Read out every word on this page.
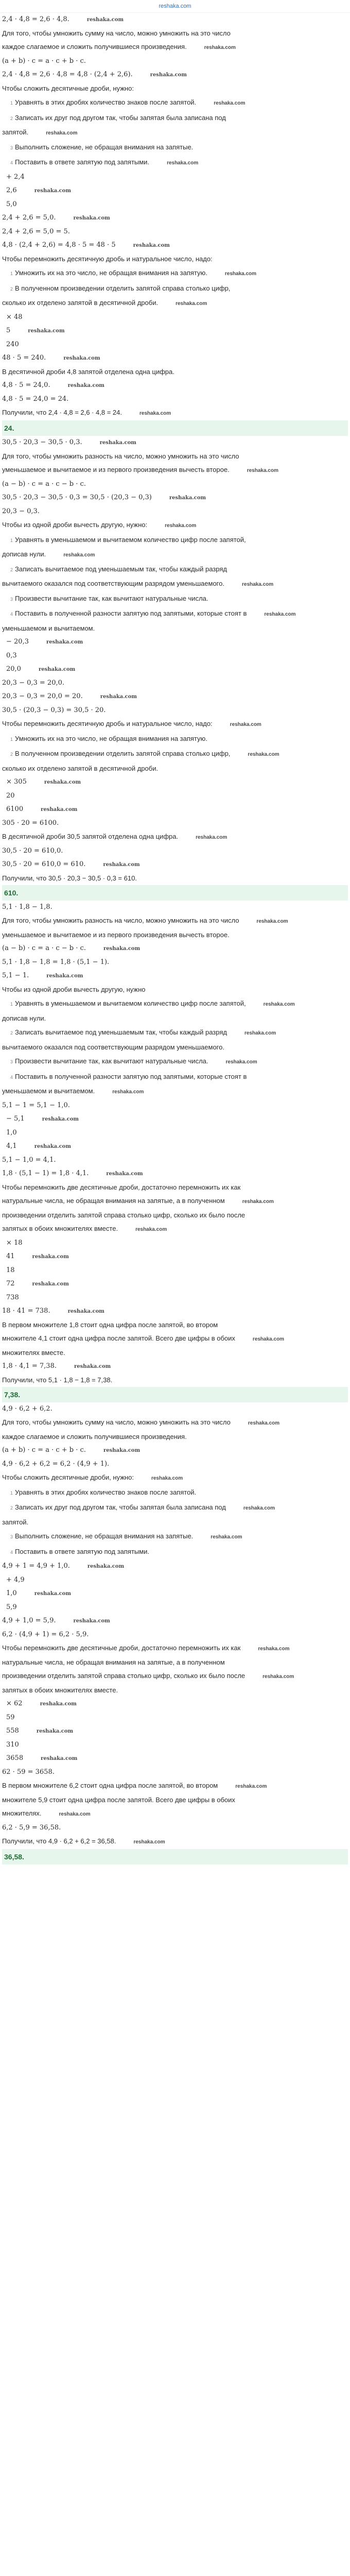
reshaka.com
2,4 · 4,8 = 2,6 · 4,8.	reshaka.com
Для того, чтобы умножить сумму на число, можно умножить на это число
каждое слагаемое и сложить получившиеся произведения.	reshaka.com
(a + b) · c = a · c + b · c.
2,4 · 4,8 = 2,6 · 4,8 = 4,8 · (2,4 + 2,6).	reshaka.com
Чтобы сложить десятичные дроби, нужно:
1 Уравнять в этих дробях количество знаков после запятой.	reshaka.com
2 Записать их друг под другом так, чтобы запятая была записана под
запятой.	reshaka.com
3 Выполнить сложение, не обращая внимания на запятые.
4 Поставить в ответе запятую под запятыми.	reshaka.com
+ 2,4
2,6	reshaka.com
5,0
2,4 + 2,6 = 5,0.	reshaka.com
2,4 + 2,6 = 5,0 = 5.
4,8 · (2,4 + 2,6) = 4,8 · 5 = 48 · 5	reshaka.com
Чтобы перемножить десятичную дробь и натуральное число, надо:
1 Умножить их на это число, не обращая внимания на запятую.	reshaka.com
2 В полученном произведении отделить запятой справа столько цифр,
сколько их отделено запятой в десятичной дроби.	reshaka.com
× 48
5	reshaka.com
240
48 · 5 = 240.	reshaka.com
В десятичной дроби 4,8 запятой отделена одна цифра.
4,8 · 5 = 24,0.	reshaka.com
4,8 · 5 = 24,0 = 24.
Получили, что 2,4 · 4,8 = 2,6 · 4,8 = 24.	reshaka.com
24.
30,5 · 20,3 − 30,5 · 0,3.	reshaka.com
Для того, чтобы умножить разность на число, можно умножить на это число
уменьшаемое и вычитаемое и из первого произведения вычесть второе.	reshaka.com
(a − b) · c = a · c − b · c.
30,5 · 20,3 − 30,5 · 0,3 = 30,5 · (20,3 − 0,3)	reshaka.com
20,3 − 0,3.
Чтобы из одной дроби вычесть другую, нужно:	reshaka.com
1 Уравнять в уменьшаемом и вычитаемом количество цифр после запятой,
дописав нули.	reshaka.com
2 Записать вычитаемое под уменьшаемым так, чтобы каждый разряд
вычитаемого оказался под соответствующим разрядом уменьшаемого.	reshaka.com
3 Произвести вычитание так, как вычитают натуральные числа.
4 Поставить в полученной разности запятую под запятыми, которые стоят в	reshaka.com
уменьшаемом и вычитаемом.
− 20,3	reshaka.com
0,3
20,0	reshaka.com
20,3 − 0,3 = 20,0.
20,3 − 0,3 = 20,0 = 20.	reshaka.com
30,5 · (20,3 − 0,3) = 30,5 · 20.
Чтобы перемножить десятичную дробь и натуральное число, надо:	reshaka.com
1 Умножить их на это число, не обращая внимания на запятую.
2 В полученном произведении отделить запятой справа столько цифр,	reshaka.com
сколько их отделено запятой в десятичной дроби.
× 305	reshaka.com
20
6100	reshaka.com
305 · 20 = 6100.
В десятичной дроби 30,5 запятой отделена одна цифра.	reshaka.com
30,5 · 20 = 610,0.
30,5 · 20 = 610,0 = 610.	reshaka.com
Получили, что 30,5 · 20,3 − 30,5 · 0,3 = 610.
610.
5,1 · 1,8 − 1,8.
Для того, чтобы умножить разность на число, можно умножить на это число	reshaka.com
уменьшаемое и вычитаемое и из первого произведения вычесть второе.
(a − b) · c = a · c − b · c.	reshaka.com
5,1 · 1,8 − 1,8 = 1,8 · (5,1 − 1).
5,1 − 1.	reshaka.com
Чтобы из одной дроби вычесть другую, нужно
1 Уравнять в уменьшаемом и вычитаемом количество цифр после запятой,	reshaka.com
дописав нули.
2 Записать вычитаемое под уменьшаемым так, чтобы каждый разряд	reshaka.com
вычитаемого оказался под соответствующим разрядом уменьшаемого.
3 Произвести вычитание так, как вычитают натуральные числа.	reshaka.com
4 Поставить в полученной разности запятую под запятыми, которые стоят в
уменьшаемом и вычитаемом.	reshaka.com
5,1 − 1 = 5,1 − 1,0.
− 5,1	reshaka.com
1,0
4,1	reshaka.com
5,1 − 1,0 = 4,1.
1,8 · (5,1 − 1) = 1,8 · 4,1.	reshaka.com
Чтобы перемножить две десятичные дроби, достаточно перемножить их как
натуральные числа, не обращая внимания на запятые, а в полученном	reshaka.com
произведении отделить запятой справа столько цифр, сколько их было после
запятых в обоих множителях вместе.	reshaka.com
× 18
41	reshaka.com
18
72	reshaka.com
738
18 · 41 = 738.	reshaka.com
В первом множителе 1,8 стоит одна цифра после запятой, во втором
множителе 4,1 стоит одна цифра после запятой. Всего две цифры в обоих	reshaka.com
множителях вместе.
1,8 · 4,1 = 7,38.	reshaka.com
Получили, что 5,1 · 1,8 − 1,8 = 7,38.
7,38.
4,9 · 6,2 + 6,2.
Для того, чтобы умножить сумму на число, можно умножить на это число	reshaka.com
каждое слагаемое и сложить получившиеся произведения.
(a + b) · c = a · c + b · c.	reshaka.com
4,9 · 6,2 + 6,2 = 6,2 · (4,9 + 1).
Чтобы сложить десятичные дроби, нужно:	reshaka.com
1 Уравнять в этих дробях количество знаков после запятой.
2 Записать их друг под другом так, чтобы запятая была записана под	reshaka.com
запятой.
3 Выполнить сложение, не обращая внимания на запятые.	reshaka.com
4 Поставить в ответе запятую под запятыми.
4,9 + 1 = 4,9 + 1,0.	reshaka.com
+ 4,9
1,0	reshaka.com
5,9
4,9 + 1,0 = 5,9.	reshaka.com
6,2 · (4,9 + 1) = 6,2 · 5,9.
Чтобы перемножить две десятичные дроби, достаточно перемножить их как	reshaka.com
натуральные числа, не обращая внимания на запятые, а в полученном
произведении отделить запятой справа столько цифр, сколько их было после	reshaka.com
запятых в обоих множителях вместе.
× 62	reshaka.com
59
558	reshaka.com
310
3658	reshaka.com
62 · 59 = 3658.
В первом множителе 6,2 стоит одна цифра после запятой, во втором	reshaka.com
множителе 5,9 стоит одна цифра после запятой. Всего две цифры в обоих
множителях.	reshaka.com
6,2 · 5,9 = 36,58.
Получили, что 4,9 · 6,2 + 6,2 = 36,58.	reshaka.com
36,58.
